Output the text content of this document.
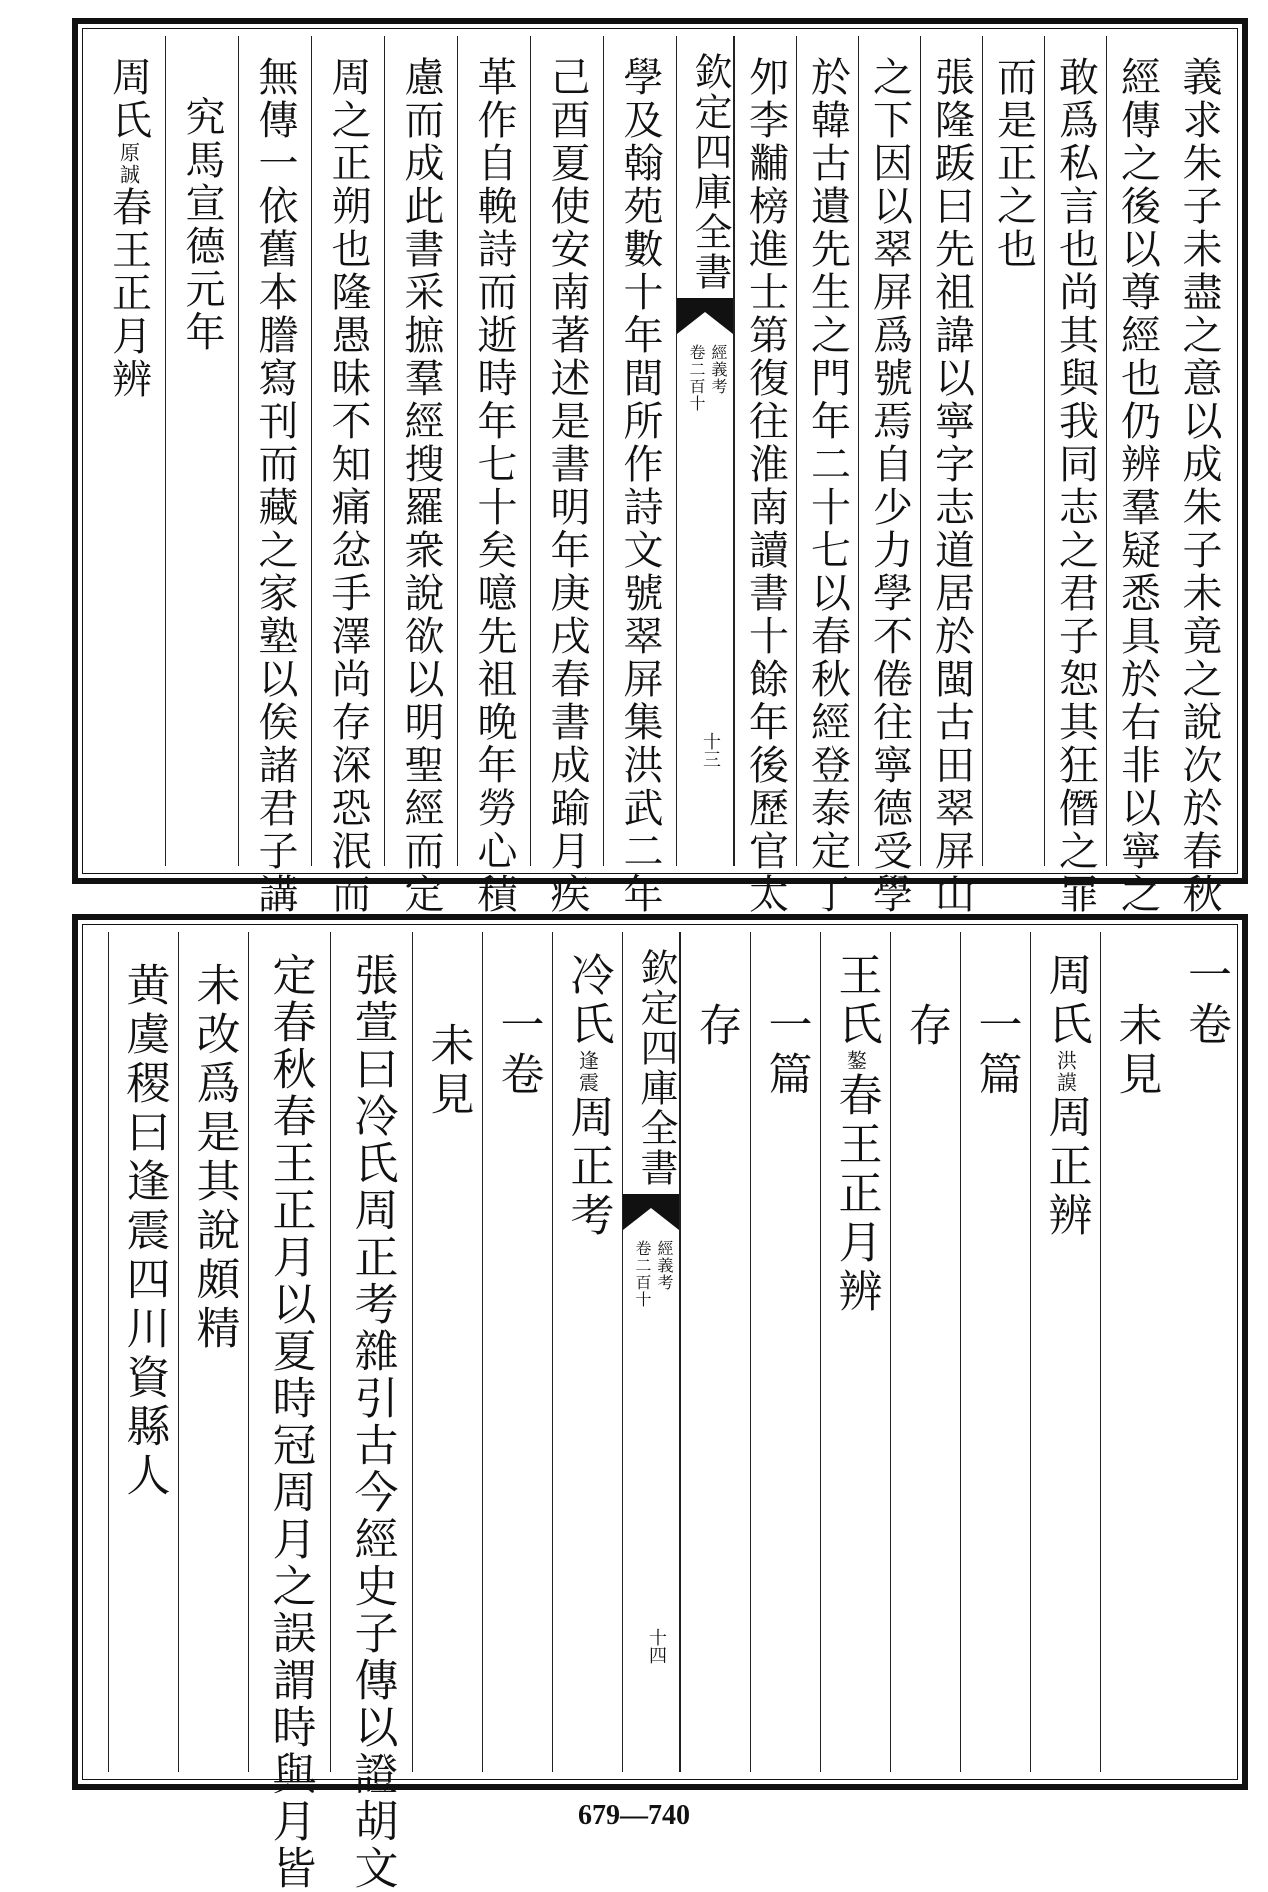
義求朱子未盡之意以成朱子未竟之說次於春秋
經傳之後以尊經也仍辨羣疑悉具於右非以寧之
敢爲私言也尚其與我同志之君子恕其狂僭之罪
而是正之也
張隆䟦曰先祖諱以寧字志道居於閩古田翠屏山
之下因以翠屏爲號焉自少力學不倦往寧德受學
於韓古遺先生之門年二十七以春秋經登泰定丁
夘李黼榜進士第復往淮南讀書十餘年後歷官太
欽定四庫全書
經義考
卷二百十
十三
學及翰苑數十年間所作詩文號翠屏集洪武二年
己酉夏使安南著述是書明年庚戌春書成踰月疾
革作自輓詩而逝時年七十矣噫先祖晚年勞心積
慮而成此書采摭羣經搜羅衆說欲以明聖經而定
周之正朔也隆愚昧不知痛忿手澤尚存深恐泯而
無傳一依舊本謄寫刊而藏之家塾以俟諸君子講
究馬宣德元年
周氏原誠春王正月辨
一卷
未見
周氏洪謨周正辨
一篇
存
王氏鏊春王正月辨
一篇
存
欽定四庫全書
經義考
卷二百十
十四
冷氏逢震周正考
一卷
未見
張萱曰冷氏周正考雜引古今經史子傳以證胡文
定春秋春王正月以夏時冠周月之誤謂時與月皆
未改爲是其說頗精
黄虞稷曰逢震四川資縣人
679—740
